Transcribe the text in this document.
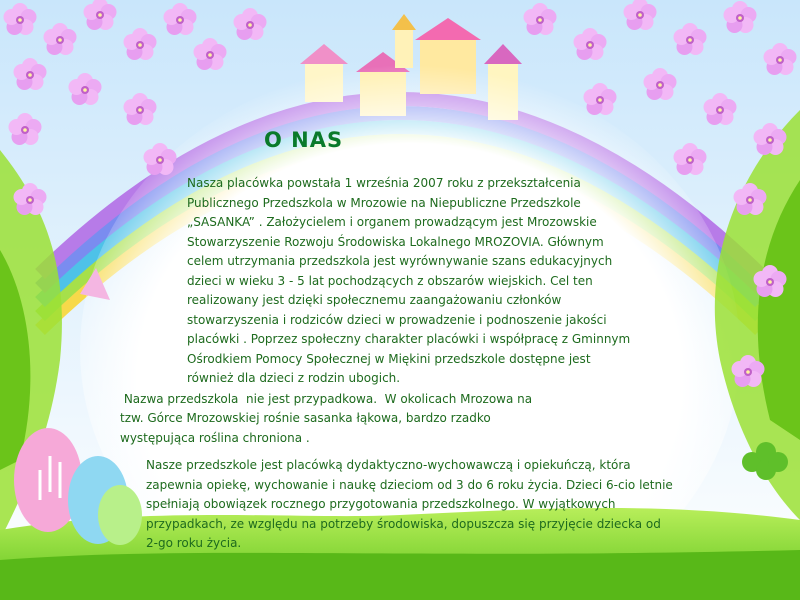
O NAS
Nasza placówka powstała 1 września 2007 roku z przekształcenia
Publicznego Przedszkola w Mrozowie na Niepubliczne Przedszkole
„SASANKA” . Założycielem i organem prowadzącym jest Mrozowskie
Stowarzyszenie Rozwoju Środowiska Lokalnego MROZOVIA. Głównym
celem utrzymania przedszkola jest wyrównywanie szans edukacyjnych
dzieci w wieku 3 - 5 lat pochodzących z obszarów wiejskich. Cel ten
realizowany jest dzięki społecznemu zaangażowaniu członków
stowarzyszenia i rodziców dzieci w prowadzenie i podnoszenie jakości
placówki . Poprzez społeczny charakter placówki i współpracę z Gminnym
Ośrodkiem Pomocy Społecznej w Miękini przedszkole dostępne jest
również dla dzieci z rodzin ubogich.
Nazwa przedszkola  nie jest przypadkowa.  W okolicach Mrozowa na
tzw. Górce Mrozowskiej rośnie sasanka łąkowa, bardzo rzadko
występująca roślina chroniona .
Nasze przedszkole jest placówką dydaktyczno-wychowawczą i opiekuńczą, która
zapewnia opiekę, wychowanie i naukę dzieciom od 3 do 6 roku życia. Dzieci 6-cio letnie
spełniają obowiązek rocznego przygotowania przedszkolnego. W wyjątkowych
przypadkach, ze względu na potrzeby środowiska, dopuszcza się przyjęcie dziecka od
2-go roku życia.
